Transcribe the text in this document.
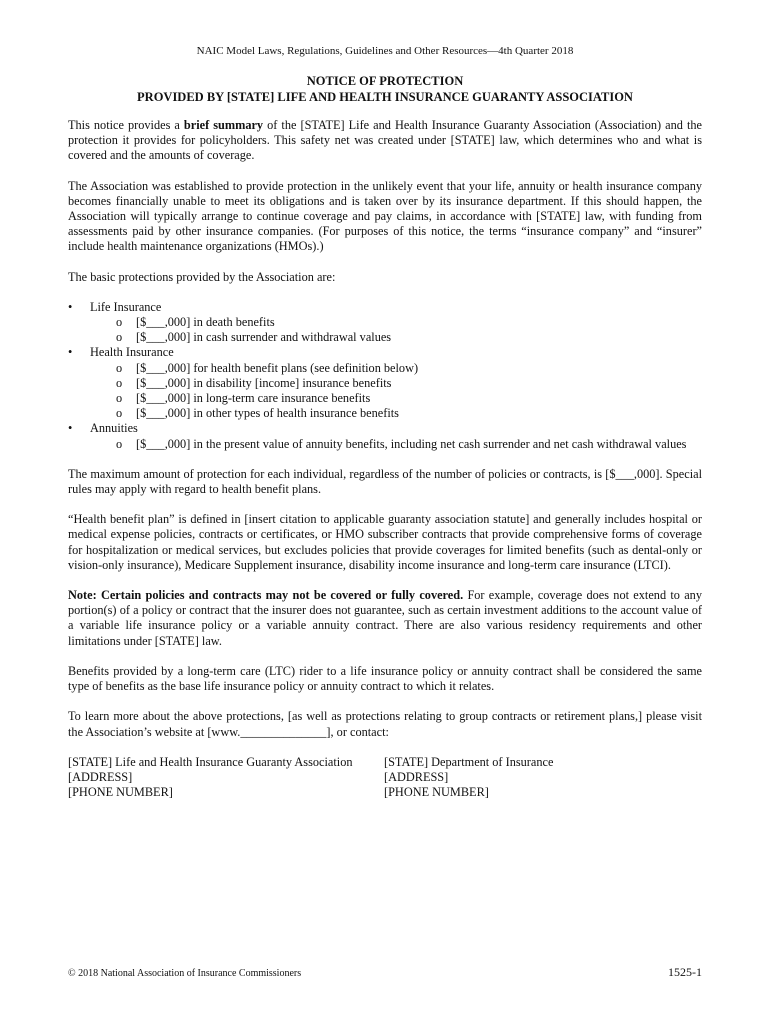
NAIC Model Laws, Regulations, Guidelines and Other Resources—4th Quarter 2018
NOTICE OF PROTECTION
PROVIDED BY [STATE] LIFE AND HEALTH INSURANCE GUARANTY ASSOCIATION

This notice provides a brief summary of the [STATE] Life and Health Insurance Guaranty Association (Association) and the protection it provides for policyholders. This safety net was created under [STATE] law, which determines who and what is covered and the amounts of coverage.

The Association was established to provide protection in the unlikely event that your life, annuity or health insurance company becomes financially unable to meet its obligations and is taken over by its insurance department. If this should happen, the Association will typically arrange to continue coverage and pay claims, in accordance with [STATE] law, with funding from assessments paid by other insurance companies. (For purposes of this notice, the terms “insurance company” and “insurer” include health maintenance organizations (HMOs).)

The basic protections provided by the Association are:

• Life Insurance
o [$___,000] in death benefits
o [$___,000] in cash surrender and withdrawal values
• Health Insurance
o [$___,000] for health benefit plans (see definition below)
o [$___,000] in disability [income] insurance benefits
o [$___,000] in long-term care insurance benefits
o [$___,000] in other types of health insurance benefits
• Annuities
o [$___,000] in the present value of annuity benefits, including net cash surrender and net cash withdrawal values

The maximum amount of protection for each individual, regardless of the number of policies or contracts, is [$___,000]. Special rules may apply with regard to health benefit plans.

“Health benefit plan” is defined in [insert citation to applicable guaranty association statute] and generally includes hospital or medical expense policies, contracts or certificates, or HMO subscriber contracts that provide comprehensive forms of coverage for hospitalization or medical services, but excludes policies that provide coverages for limited benefits (such as dental-only or vision-only insurance), Medicare Supplement insurance, disability income insurance and long-term care insurance (LTCI).

Note: Certain policies and contracts may not be covered or fully covered. For example, coverage does not extend to any portion(s) of a policy or contract that the insurer does not guarantee, such as certain investment additions to the account value of a variable life insurance policy or a variable annuity contract. There are also various residency requirements and other limitations under [STATE] law.

Benefits provided by a long-term care (LTC) rider to a life insurance policy or annuity contract shall be considered the same type of benefits as the base life insurance policy or annuity contract to which it relates.

To learn more about the above protections, [as well as protections relating to group contracts or retirement plans,] please visit the Association’s website at [www.______________], or contact:

[STATE] Life and Health Insurance Guaranty Association
[ADDRESS]
[PHONE NUMBER]
[STATE] Department of Insurance
[ADDRESS]
[PHONE NUMBER]
© 2018 National Association of Insurance Commissioners	1525-1
